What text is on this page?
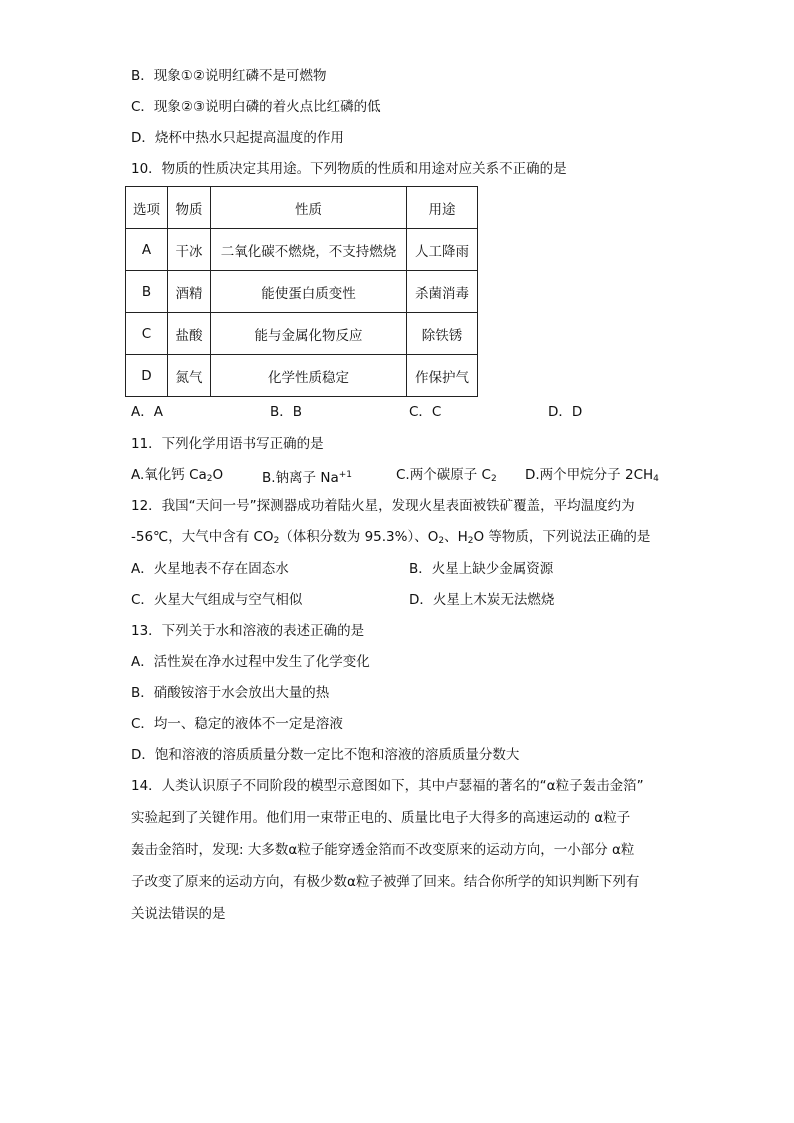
B．现象①②说明红磷不是可燃物
C．现象②③说明白磷的着火点比红磷的低
D．烧杯中热水只起提高温度的作用
10．物质的性质决定其用途。下列物质的性质和用途对应关系不正确的是
选项	物质	性质	用途
A	干冰	二氧化碳不燃烧，不支持燃烧	人工降雨
B	酒精	能使蛋白质变性	杀菌消毒
C	盐酸	能与金属化物反应	除铁锈
D	氮气	化学性质稳定	作保护气
A．A	B．B	C．C	D．D
11．下列化学用语书写正确的是
A.氧化钙 $Ca_2O$	B.钠离子 $Na^{+1}$	C.两个碳原子 $C_2$ D.两个甲烷分子 $2CH_4$
12．我国“天问一号”探测器成功着陆火星，发现火星表面被铁矿覆盖，平均温度约为
-56℃，大气中含有 $CO_2$（体积分数为 95.3%）、$O_2$、$H_2O$ 等物质，下列说法正确的是
A．火星地表不存在固态水	B．火星上缺少金属资源
C．火星大气组成与空气相似	D．火星上木炭无法燃烧
13．下列关于水和溶液的表述正确的是
A．活性炭在净水过程中发生了化学变化
B．硝酸铵溶于水会放出大量的热
C．均一、稳定的液体不一定是溶液
D．饱和溶液的溶质质量分数一定比不饱和溶液的溶质质量分数大
14．人类认识原子不同阶段的模型示意图如下，其中卢瑟福的著名的“α粒子轰击金箔”
实验起到了关键作用。他们用一束带正电的、质量比电子大得多的高速运动的 α粒子
轰击金箔时，发现: 大多数α粒子能穿透金箔而不改变原来的运动方向，一小部分 α粒
子改变了原来的运动方向，有极少数α粒子被弹了回来。结合你所学的知识判断下列有
关说法错误的是
